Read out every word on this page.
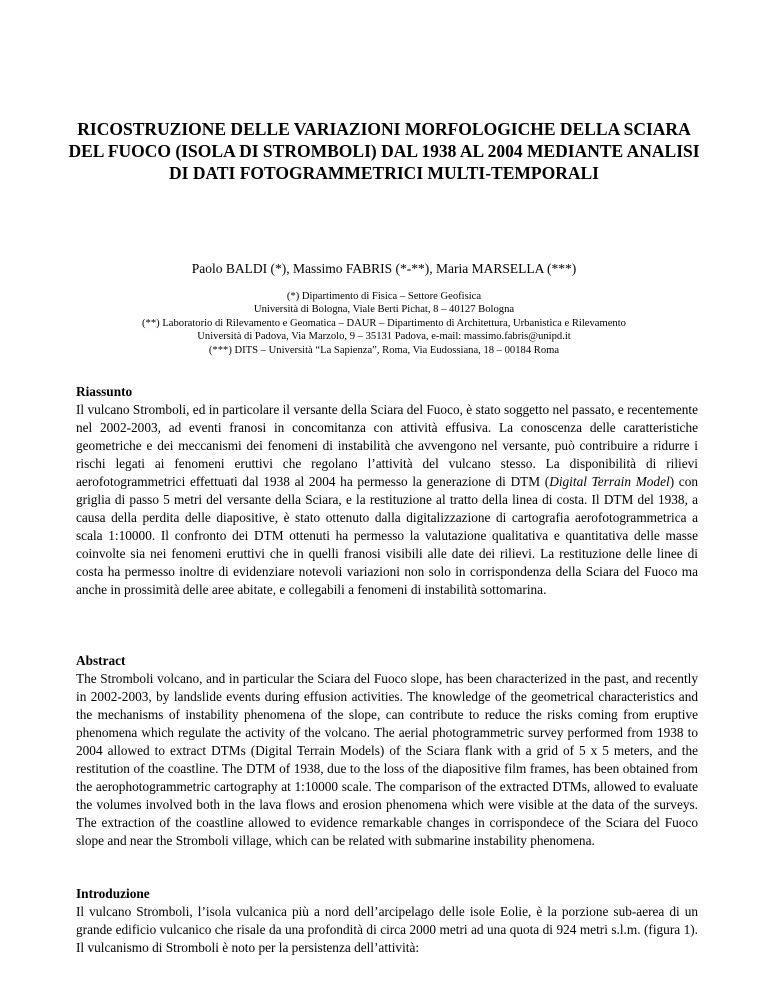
RICOSTRUZIONE DELLE VARIAZIONI MORFOLOGICHE DELLA SCIARA DEL FUOCO (ISOLA DI STROMBOLI) DAL 1938 AL 2004 MEDIANTE ANALISI DI DATI FOTOGRAMMETRICI MULTI-TEMPORALI

Paolo BALDI (*), Massimo FABRIS (*-**), Maria MARSELLA (***)

(*) Dipartimento di Fisica – Settore Geofisica
Università di Bologna, Viale Berti Pichat, 8 – 40127 Bologna
(**) Laboratorio di Rilevamento e Geomatica – DAUR – Dipartimento di Architettura, Urbanistica e Rilevamento
Università di Padova, Via Marzolo, 9 – 35131 Padova, e-mail: massimo.fabris@unipd.it
(***) DITS – Università “La Sapienza”, Roma, Via Eudossiana, 18 – 00184 Roma
Riassunto

Il vulcano Stromboli, ed in particolare il versante della Sciara del Fuoco, è stato soggetto nel passato, e recentemente nel 2002-2003, ad eventi franosi in concomitanza con attività effusiva. La conoscenza delle caratteristiche geometriche e dei meccanismi dei fenomeni di instabilità che avvengono nel versante, può contribuire a ridurre i rischi legati ai fenomeni eruttivi che regolano l’attività del vulcano stesso. La disponibilità di rilievi aerofotogrammetrici effettuati dal 1938 al 2004 ha permesso la generazione di DTM (Digital Terrain Model) con griglia di passo 5 metri del versante della Sciara, e la restituzione al tratto della linea di costa. Il DTM del 1938, a causa della perdita delle diapositive, è stato ottenuto dalla digitalizzazione di cartografia aerofotogrammetrica a scala 1:10000. Il confronto dei DTM ottenuti ha permesso la valutazione qualitativa e quantitativa delle masse coinvolte sia nei fenomeni eruttivi che in quelli franosi visibili alle date dei rilievi. La restituzione delle linee di costa ha permesso inoltre di evidenziare notevoli variazioni non solo in corrispondenza della Sciara del Fuoco ma anche in prossimità delle aree abitate, e collegabili a fenomeni di instabilità sottomarina.

Abstract

The Stromboli volcano, and in particular the Sciara del Fuoco slope, has been characterized in the past, and recently in 2002-2003, by landslide events during effusion activities. The knowledge of the geometrical characteristics and the mechanisms of instability phenomena of the slope, can contribute to reduce the risks coming from eruptive phenomena which regulate the activity of the volcano. The aerial photogrammetric survey performed from 1938 to 2004 allowed to extract DTMs (Digital Terrain Models) of the Sciara flank with a grid of 5 x 5 meters, and the restitution of the coastline. The DTM of 1938, due to the loss of the diapositive film frames, has been obtained from the aerophotogrammetric cartography at 1:10000 scale. The comparison of the extracted DTMs, allowed to evaluate the volumes involved both in the lava flows and erosion phenomena which were visible at the data of the surveys. The extraction of the coastline allowed to evidence remarkable changes in corrispondece of the Sciara del Fuoco slope and near the Stromboli village, which can be related with submarine instability phenomena.

Introduzione

Il vulcano Stromboli, l’isola vulcanica più a nord dell’arcipelago delle isole Eolie, è la porzione sub-aerea di un grande edificio vulcanico che risale da una profondità di circa 2000 metri ad una quota di 924 metri s.l.m. (figura 1). Il vulcanismo di Stromboli è noto per la persistenza dell’attività:
